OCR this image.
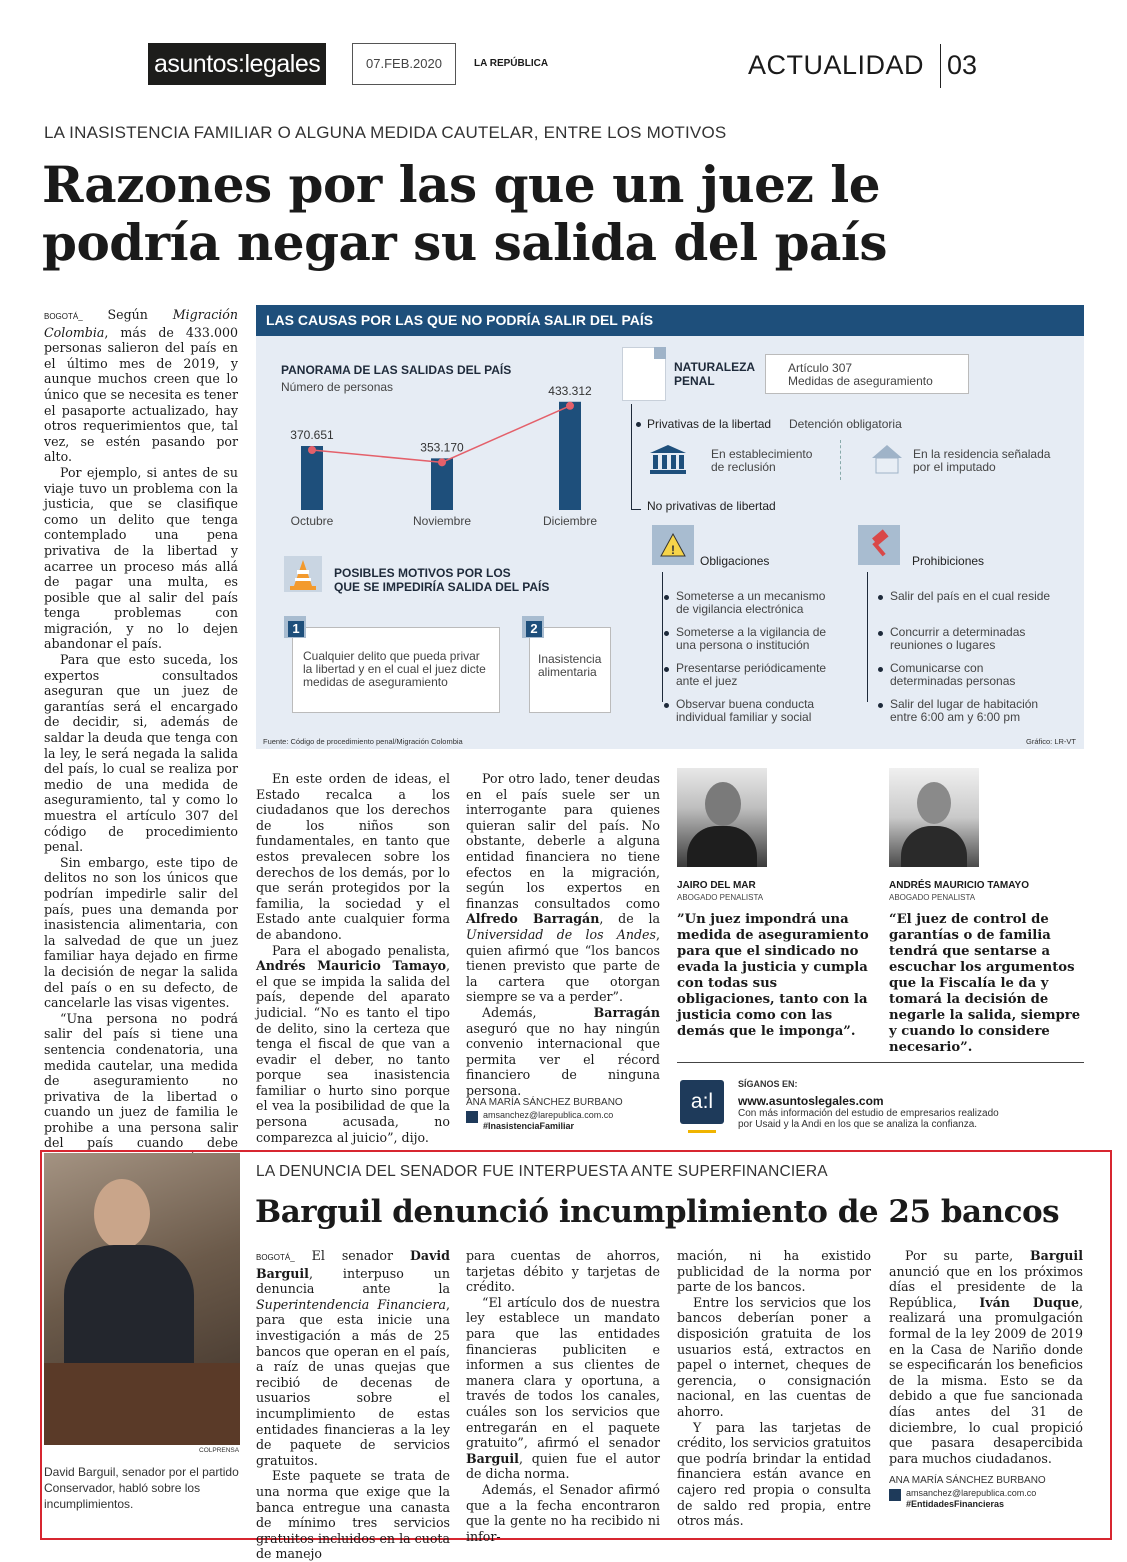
asuntos:legales	07.FEB.2020	LA REPÚBLICA	ACTUALIDAD 03
LA INASISTENCIA FAMILIAR O ALGUNA MEDIDA CAUTELAR, ENTRE LOS MOTIVOS
Razones por las que un juez le
podría negar su salida del país

BOGOTÁ_ Según Migración Colombia, más de 433.000 personas salieron del país en el último mes de 2019, y aunque muchos creen que lo único que se necesita es tener el pasaporte actualizado, hay otros requerimientos que, tal vez, se estén pasando por alto.

Por ejemplo, si antes de su viaje tuvo un problema con la justicia, que se clasifique como un delito que tenga contemplado una pena privativa de la libertad y acarree un proceso más allá de pagar una multa, es posible que al salir del país tenga problemas con migración, y no lo dejen abandonar el país.

Para que esto suceda, los expertos consultados aseguran que un juez de garantías será el encargado de decidir, si, además de saldar la deuda que tenga con la ley, le será negada la salida del país, lo cual se realiza por medio de una medida de aseguramiento, tal y como lo muestra el artículo 307 del código de procedimiento penal.

Sin embargo, este tipo de delitos no son los únicos que podrían impedirle salir del país, pues una demanda por inasistencia alimentaria, con la salvedad de que un juez familiar haya dejado en firme la decisión de negar la salida del país o en su defecto, de cancelarle las visas vigentes.

“Una persona no podrá salir del país si tiene una sentencia condenatoria, una medida cautelar, una medida de aseguramiento no privativa de la libertad o cuando un juez de familia le prohibe a una persona salir del país cuando debe

LAS CAUSAS POR LAS QUE NO PODRÍA SALIR DEL PAÍS
PANORAMA DE LAS SALIDAS DEL PAÍS
Número de personas
370.651
Octubre
353.170
Noviembre
433.312
Diciembre
NATURALEZA
PENAL
Artículo 307
Medidas de aseguramiento
Privativas de la libertad Detención obligatoria
En establecimiento
de reclusión
En la residencia señalada
por el imputado
No privativas de libertad
!
Obligaciones
Someterse a un mecanismo
de vigilancia electrónica
Someterse a la vigilancia de
una persona o institución
Presentarse periódicamente
ante el juez
Observar buena conducta
individual familiar y social
Prohibiciones
Salir del país en el cual reside
Concurrir a determinadas
reuniones o lugares
Comunicarse con
determinadas personas
Salir del lugar de habitación
entre 6:00 am y 6:00 pm
POSIBLES MOTIVOS POR LOS
QUE SE IMPEDIRÍA SALIDA DEL PAÍS
1
Cualquier delito que pueda privar
la libertad y en el cual el juez dicte
medidas de aseguramiento
2
Inasistencia
alimentaria
Fuente: Código de procedimiento penal/Migración Colombia	Gráfico: LR-VT

En este orden de ideas, el Estado recalca a los ciudadanos que los derechos de los niños son fundamentales, en tanto que estos prevalecen sobre los derechos de los demás, por lo que serán protegidos por la familia, la sociedad y el Estado ante cualquier forma de abandono.

Para el abogado penalista, Andrés Mauricio Tamayo, el que se impida la salida del país, depende del aparato judicial. “No es tanto el tipo de delito, sino la certeza que tenga el fiscal de que van a evadir el deber, no tanto porque sea inasistencia familiar o hurto sino porque el vea la posibilidad de que la persona acusada, no comparezca al juicio”, dijo.

Por otro lado, tener deudas en el país suele ser un interrogante para quienes quieran salir del país. No obstante, deberle a alguna entidad financiera no tiene efectos en la migración, según los expertos en finanzas consultados como Alfredo Barragán, de la Universidad de los Andes, quien afirmó que “los bancos tienen previsto que parte de la cartera que otorgan siempre se va a perder”.

Además, Barragán aseguró que no hay ningún convenio internacional que permita ver el récord financiero de ninguna persona.

ANA MARÍA SÁNCHEZ BURBANO
amsanchez@larepublica.com.co
#InasistenciaFamiliar
JAIRO DEL MAR
ABOGADO PENALISTA
”Un juez impondrá una medida de aseguramiento para que el sindicado no evada la justicia y cumpla con todas sus obligaciones, tanto con la justicia como con las demás que le imponga”.
ANDRÉS MAURICIO TAMAYO
ABOGADO PENALISTA
“El juez de control de garantías o de familia tendrá que sentarse a escuchar los argumentos que la Fiscalía le da y tomará la decisión de negarle la salida, siempre y cuando lo considere necesario”.
a:l
SÍGANOS EN:
www.asuntoslegales.com
Con más información del estudio de empresarios realizado
por Usaid y la Andi en los que se analiza la confianza.
COLPRENSA
David Barguil, senador por el partido Conservador, habló sobre los incumplimientos.
LA DENUNCIA DEL SENADOR FUE INTERPUESTA ANTE SUPERFINANCIERA
Barguil denunció incumplimiento de 25 bancos

BOGOTÁ_ El senador David Barguil, interpuso un denuncia ante la Superintendencia Financiera, para que esta inicie una investigación a más de 25 bancos que operan en el país, a raíz de unas quejas que recibió de decenas de usuarios sobre el incumplimiento de estas entidades financieras a la ley de paquete de servicios gratuitos.

Este paquete se trata de una norma que exige que la banca entregue una canasta de mínimo tres servicios gratuitos incluidos en la cuota de manejo

para cuentas de ahorros, tarjetas débito y tarjetas de crédito.

“El artículo dos de nuestra ley establece un mandato para que las entidades financieras publiciten e informen a sus clientes de manera clara y oportuna, a través de todos los canales, cuáles son los servicios que entregarán en el paquete gratuito”, afirmó el senador Barguil, quien fue el autor de dicha norma.

Además, el Senador afirmó que a la fecha encontraron que la gente no ha recibido ni infor-

mación, ni ha existido publicidad de la norma por parte de los bancos.

Entre los servicios que los bancos deberían poner a disposición gratuita de los usuarios está, extractos en papel o internet, cheques de gerencia, o consignación nacional, en las cuentas de ahorro.

Y para las tarjetas de crédito, los servicios gratuitos que podría brindar la entidad financiera están avance en cajero red propia o consulta de saldo red propia, entre otros más.

Por su parte, Barguil anunció que en los próximos días el presidente de la República, Iván Duque, realizará una promulgación formal de la ley 2009 de 2019 en la Casa de Nariño donde se especificarán los beneficios de la misma. Esto se da debido a que fue sancionada días antes del 31 de diciembre, lo cual propició que pasara desapercibida para muchos ciudadanos.

ANA MARÍA SÁNCHEZ BURBANO
amsanchez@larepublica.com.co
#EntidadesFinancieras
